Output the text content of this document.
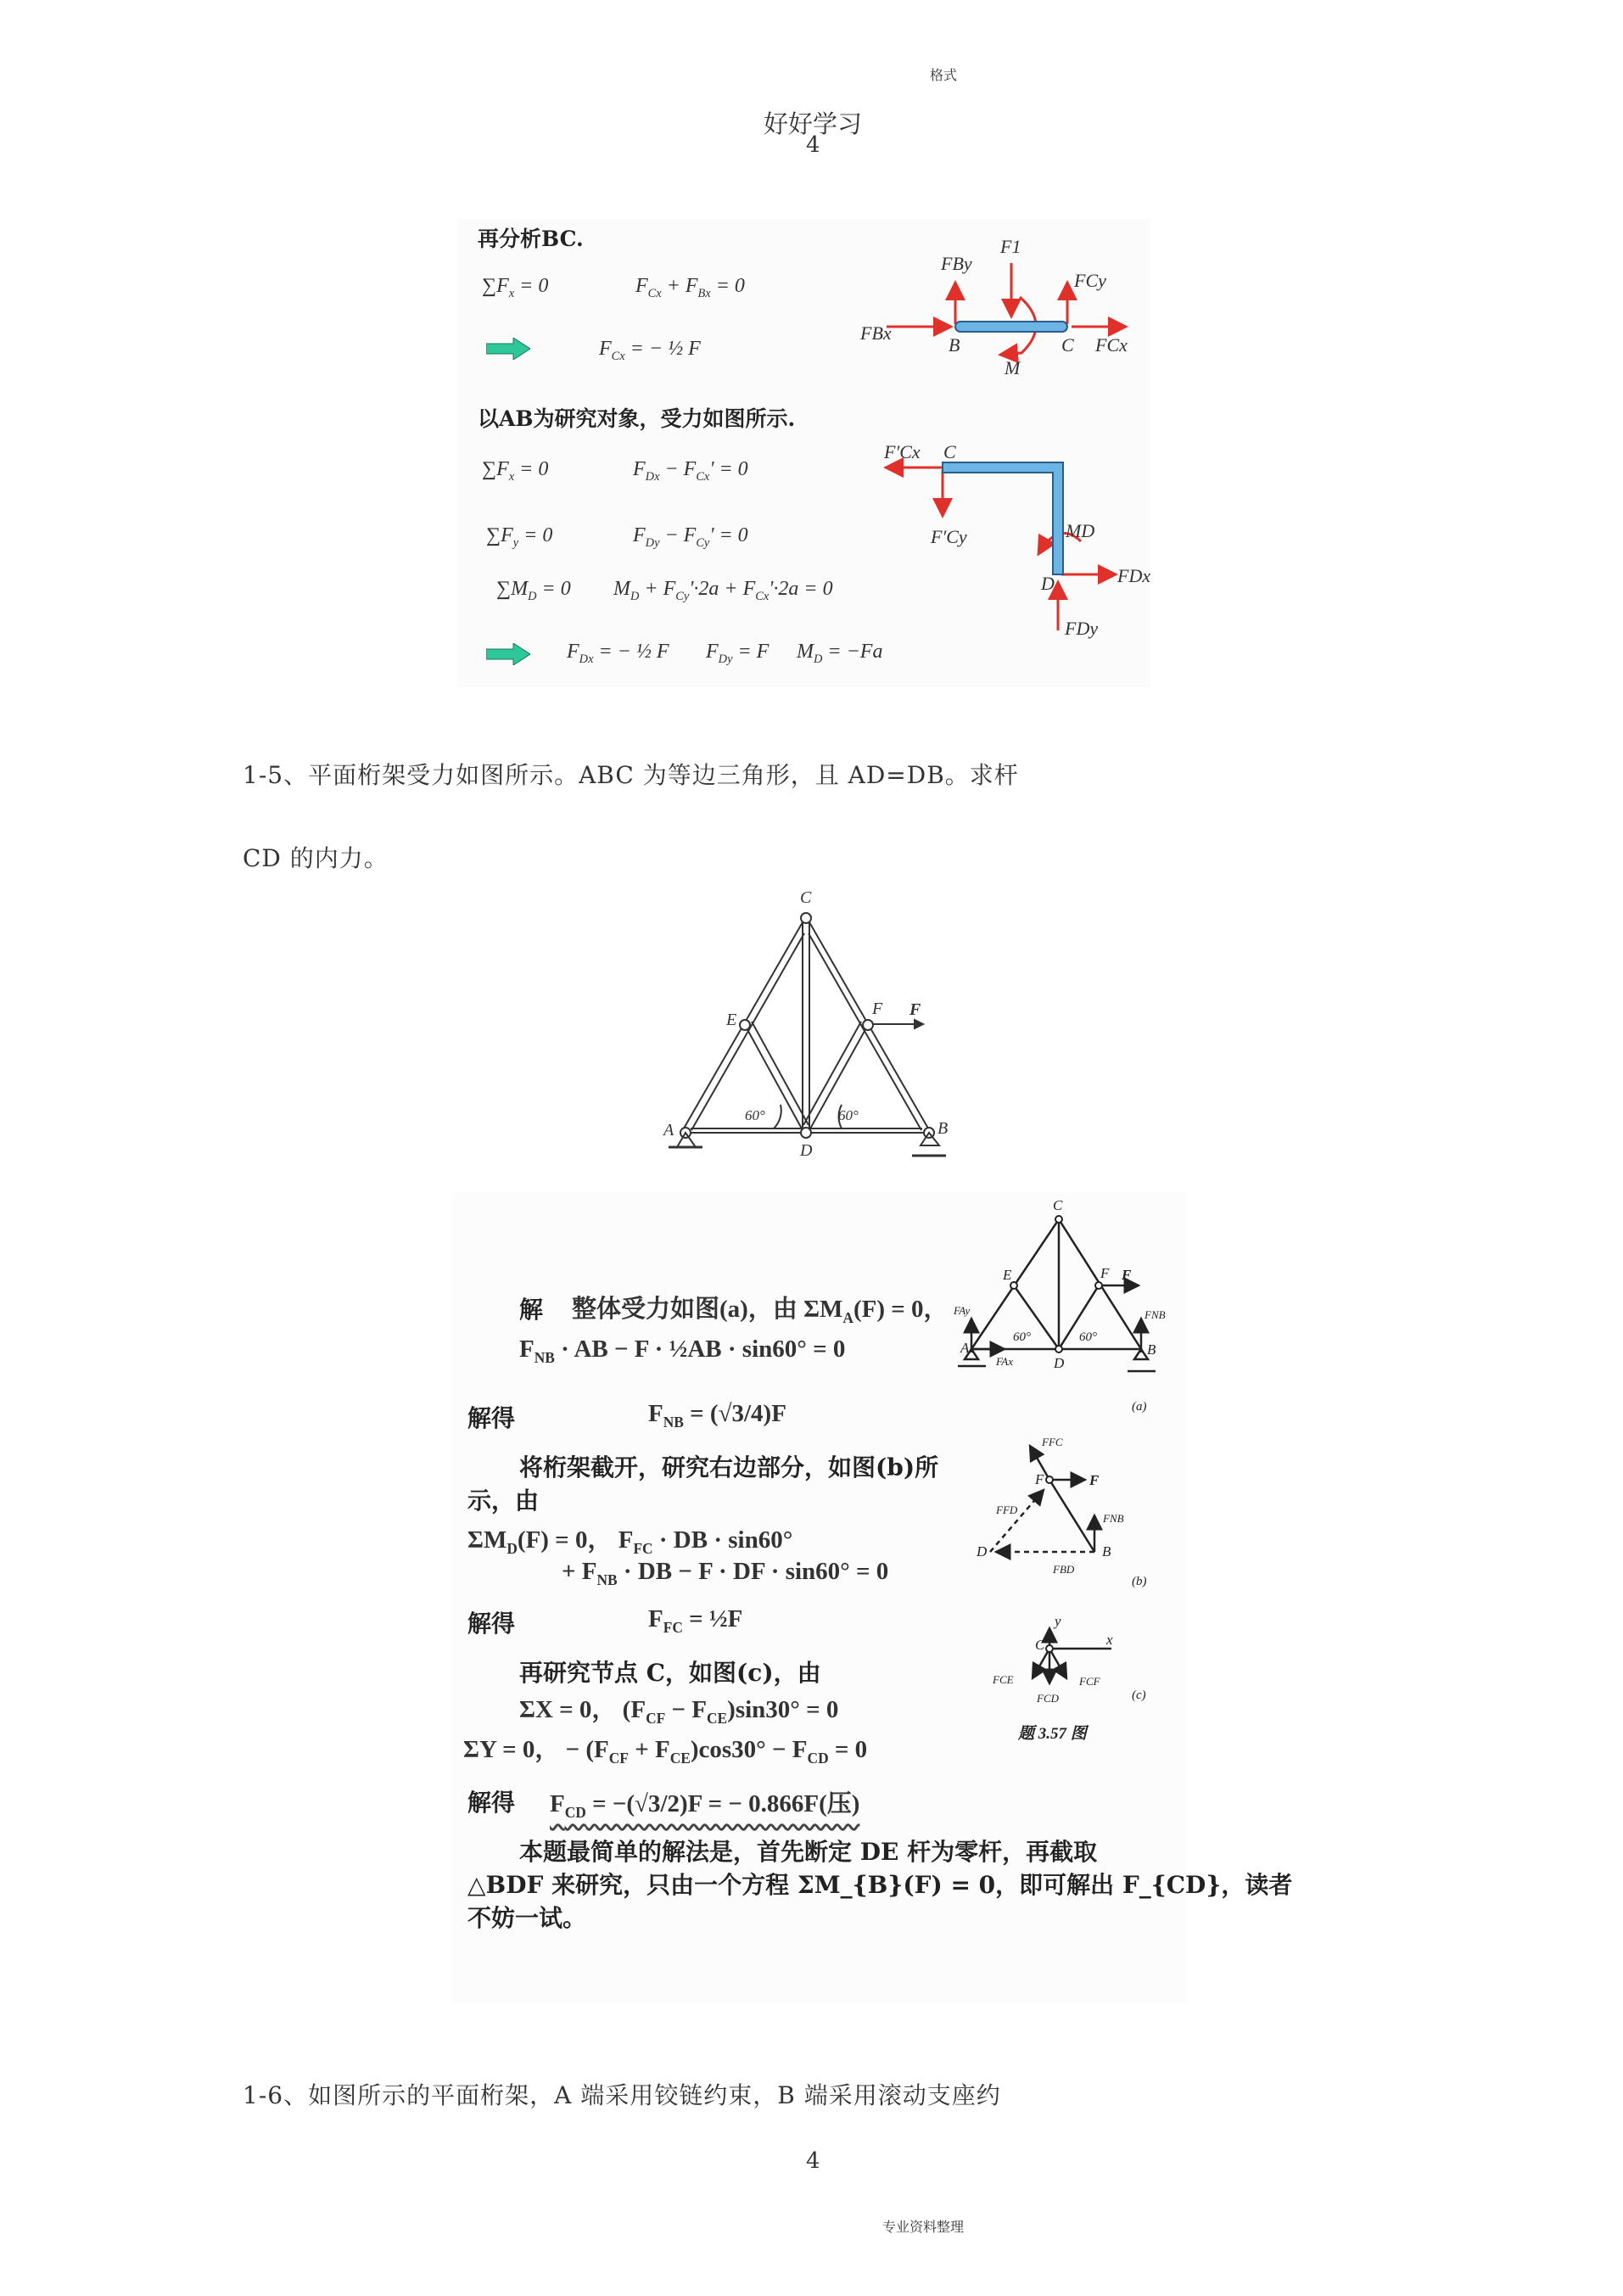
格式
好好学习
4
再分析BC.
$\sum F_x = 0$	$F_{Cx} + F_{Bx} = 0$
$F_{Cx}$ = − ½ F
以AB为研究对象，受力如图所示.
$\sum F_x = 0$	$F_{Dx} - F_{Cx}' = 0$
$\sum F_y = 0$	$F_{Dy} - F_{Cy}' = 0$
$\sum M_D = 0$ $M_D + F_{Cy}'\cdot 2a + F_{Cx}'\cdot 2a = 0$
$F_{Dx}$ = − ½ F $F_{Dy} = F$ $M_D = -Fa$
FBy
F1
FCy
FBx
B	C FCx
M
F′Cx C
F′Cy	MD
D	FDx
FDy
1-5、平面桁架受力如图所示。ABC 为等边三角形，且 AD=DB。求杆
CD 的内力。
C
E
F F
A	B
D
60°	60°
解 整体受力如图(a)，由 $\Sigma M_A(F) = 0$，
$F_{NB}$ · AB − F · ½AB · sin60° = 0
解得	$F_{NB} = (√3/4)F$
将桁架截开，研究右边部分，如图(b)所
示，由
$\Sigma M_D(F) = 0$， $F_{FC}$ · DB · sin60°
+ $F_{NB}$ · DB − F · DF · sin60° = 0
解得	$F_{FC}$ = ½F
再研究节点 C，如图(c)，由
ΣX = 0， $(F_{CF} - F_{CE})\sin 30^\circ = 0$
ΣY = 0， − $(F_{CF} + F_{CE})\cos 30^\circ - F_{CD} = 0$
解得 $F_{CD} = -(√3/2)F$ = − 0.866F(压)
本题最简单的解法是，首先断定 DE 杆为零杆，再截取
△BDF 来研究，只由一个方程 ΣM_{B}(F) = 0，即可解出 F_{CD}，读者
不妨一试。
C
E	F F
FAy
FAx
FNB
A
D
B
60°	60°
(a)
FFC
F	F
FFD
FNB
D	B
FBD
(b)
y
C	x
FCE	FCF
FCD	(c)
题 3.57 图
1-6、如图所示的平面桁架，A 端采用铰链约束，B 端采用滚动支座约
4
专业资料整理
